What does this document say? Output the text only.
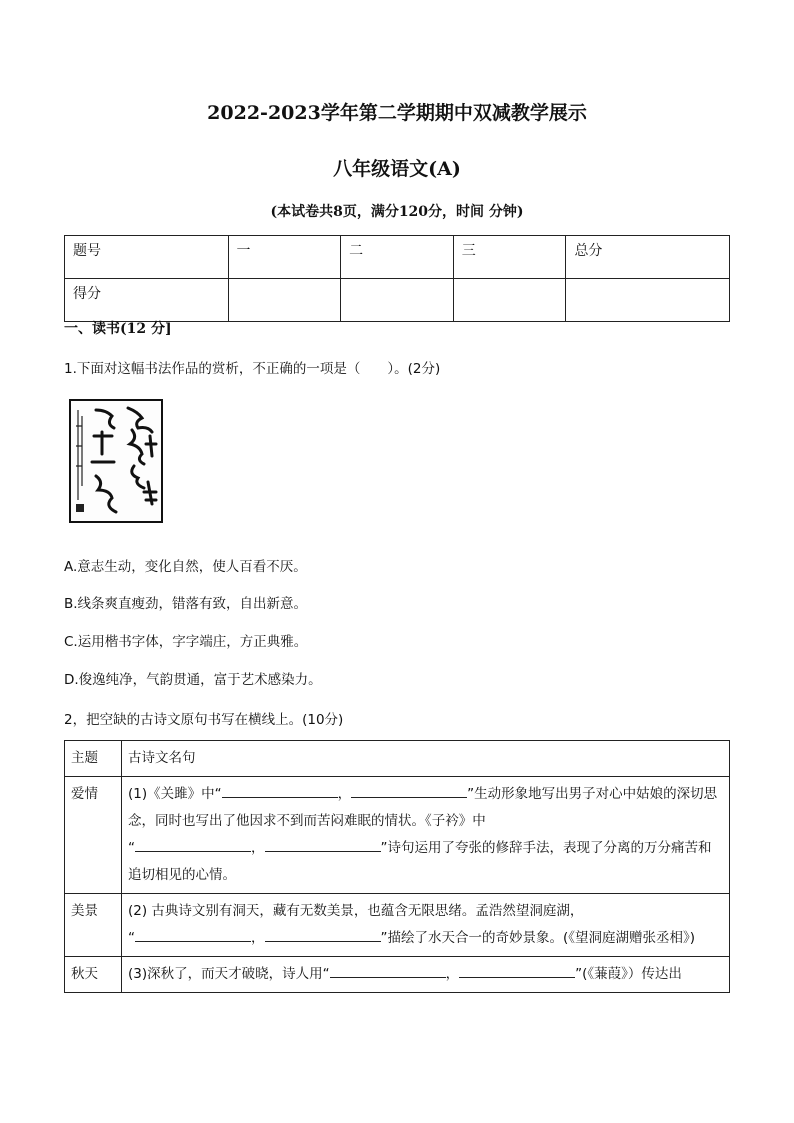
2022-2023学年第二学期期中双减教学展示
八年级语文(A)
(本试卷共8页，满分120分，时间 分钟)
题号	一	二	三	总分
得分				
一、读书(12 分]
1.下面对这幅书法作品的赏析，不正确的一项是（　　）。(2分)
A.意志生动，变化自然，使人百看不厌。
B.线条爽直瘦劲，错落有致，自出新意。
C.运用楷书字体，字字端庄，方正典雅。
D.俊逸纯净，气韵贯通，富于艺术感染力。
2，把空缺的古诗文原句书写在横线上。(10分)
主题	古诗文名句
爱情	(1)《关雎》中“ ， ”生动形象地写出男子对心中姑娘的深切思念，同时也写出了他因求不到而苦闷难眠的情状。《子衿》中
“ ， ”诗句运用了夸张的修辞手法，表现了分离的万分痛苦和追切相见的心情。
美景	(2) 古典诗文别有洞天，藏有无数美景，也蕴含无限思绪。孟浩然望洞庭湖，
“ ， ”描绘了水天合一的奇妙景象。(《望洞庭湖赠张丞相》)
秋天	(3)深秋了，而天才破晓，诗人用“ ， ”(《蒹葭》）传达出
